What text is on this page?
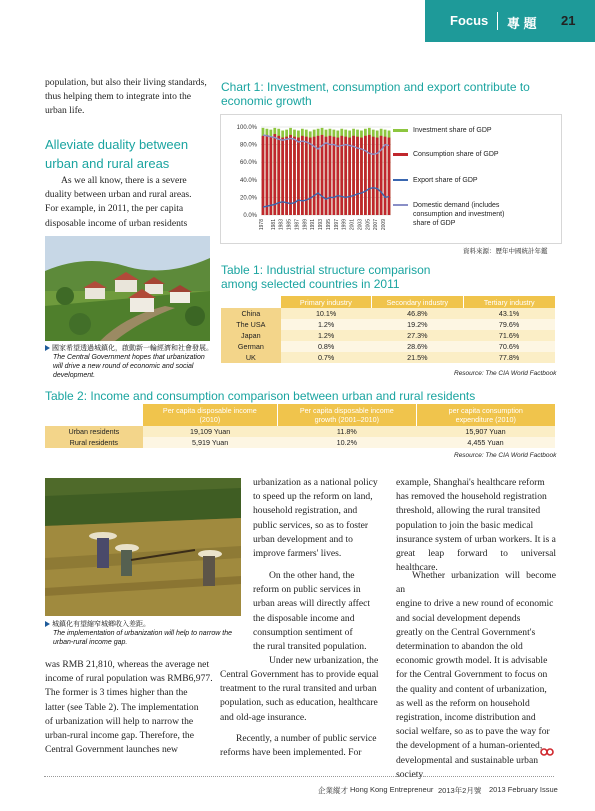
Focus 專 題 21
population, but also their living standards,
thus helping them to integrate into the
urban life.
Alleviate duality between
urban and rural areas
As we all know, there is a severe
duality between urban and rural areas.
For example, in 2011, the per capita
disposable income of urban residents
國家希望透過城鎮化，啟動新一輪經濟和社會發展。
The Central Government hopes that urbanization
will drive a new round of economic and social
development.
Chart 1: Investment, consumption and export contribute to
economic growth
100.0%
80.0%
60.0%
40.0%
20.0%
0.0%
1978 1981 1983 1985 1987 1989 1991 1993 1995 1997 1999 2001 2003 2005 2007 2009
Investment share of GDP
Consumption share of GDP
Export share of GDP
Domestic demand (includes
consumption and investment)
share of GDP
資料來源：歷年中國統計年鑑
Table 1: Industrial structure comparison
among selected countries in 2011
	Primary industry	Secondary industry	Tertiary industry
China	10.1%	46.8%	43.1%
The USA	1.2%	19.2%	79.6%
Japan	1.2%	27.3%	71.6%
German	0.8%	28.6%	70.6%
UK	0.7%	21.5%	77.8%
Resource: The CIA World Factbook
Table 2: Income and consumption comparison between urban and rural residents
	Per capita disposable income
(2010)	Per capita disposable income
growth (2001–2010)	per capita consumption
expenditure (2010)
Urban residents	19,109 Yuan	11.8%	15,907 Yuan
Rural residents	5,919 Yuan	10.2%	4,455 Yuan
Resource: The CIA World Factbook
城鎮化有望縮窄城鄉收入差距。
The implementation of urbanization will help to narrow the
urban-rural income gap.
was RMB 21,810, whereas the average net
income of rural population was RMB6,977.
The former is 3 times higher than the
latter (see Table 2). The implementation
of urbanization will help to narrow the
urban-rural income gap. Therefore, the
Central Government launches new
urbanization as a national policy
to speed up the reform on land,
household registration, and
public services, so as to foster
urban development and to
improve farmers' lives.
On the other hand, the
reform on public services in
urban areas will directly affect
the disposable income and
consumption sentiment of
the rural transited population.
Under new urbanization, the
Central Government has to provide equal
treatment to the rural transited and urban
population, such as education, healthcare
and old-age insurance.
Recently, a number of public service
reforms have been implemented. For
example, Shanghai's healthcare reform
has removed the household registration
threshold, allowing the rural transited
population to join the basic medical
insurance system of urban workers. It is a
great leap forward to universal healthcare.
Whether urbanization will become an
engine to drive a new round of economic
and social development depends
greatly on the Central Government's
determination to abandon the old
economic growth model. It is advisable
for the Central Government to focus on
the quality and content of urbanization,
as well as the reform on household
registration, income distribution and
social welfare, so as to pave the way for
the development of a human-oriented,
developmental and sustainable urban
society.
企業縱才 Hong Kong Entrepreneur 2013年2月號 2013 February Issue
